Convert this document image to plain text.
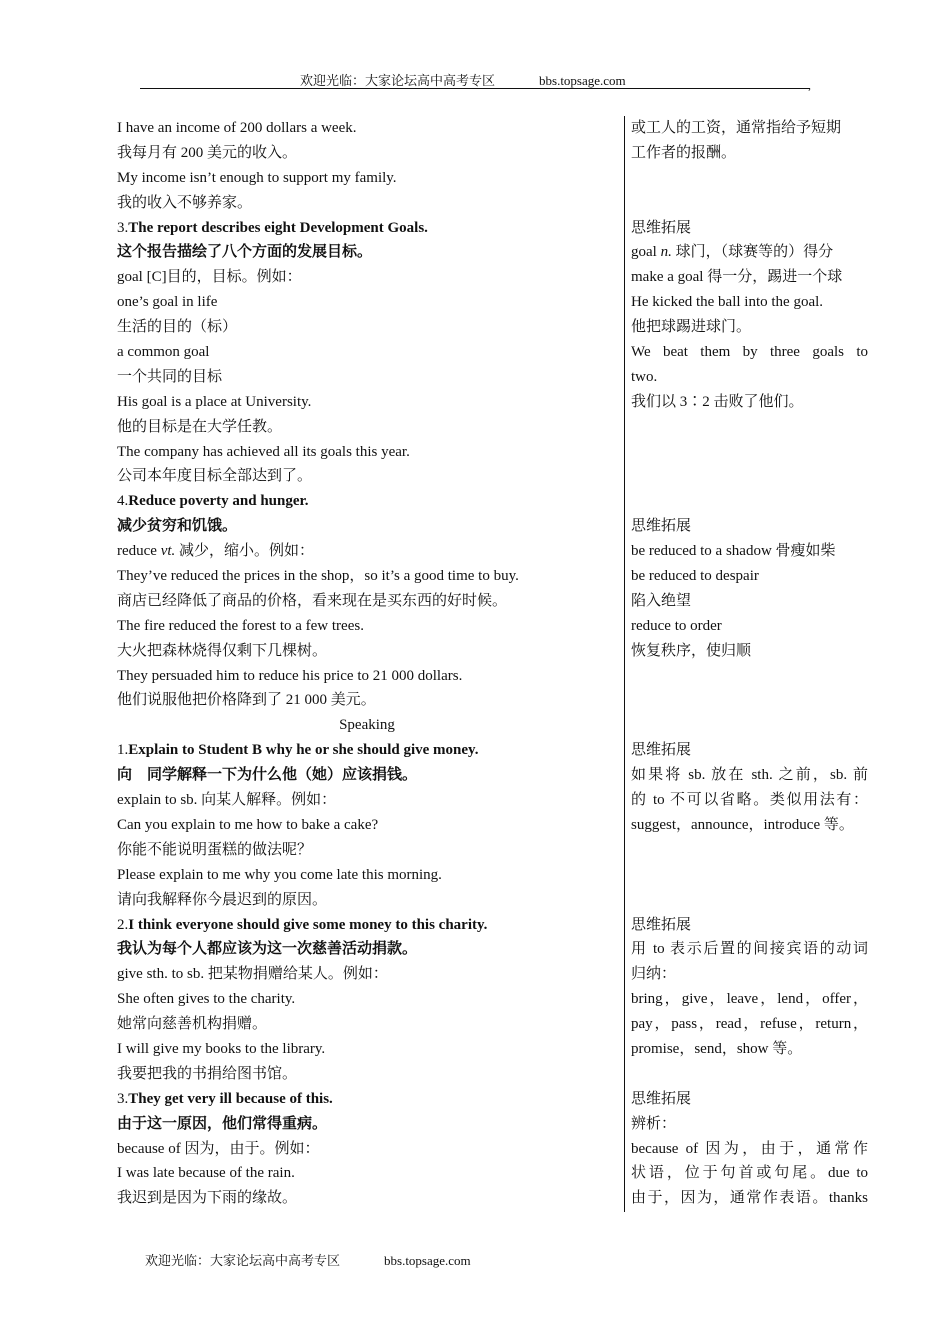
欢迎光临：大家论坛高中高考专区	bbs.topsage.com	,
I have an income of 200 dollars a week.
我每月有 200 美元的收入。
My income isn’t enough to support my family.
我的收入不够养家。
3.The report describes eight Development Goals.
这个报告描绘了八个方面的发展目标。
goal [C]目的，目标。例如：
one’s goal in life
生活的目的（标）
a common goal
一个共同的目标
His goal is a place at University.
他的目标是在大学任教。
The company has achieved all its goals this year.
公司本年度目标全部达到了。
4.Reduce poverty and hunger.
减少贫穷和饥饿。
reduce vt. 减少，缩小。例如：
They’ve reduced the prices in the shop，so it’s a good time to buy.
商店已经降低了商品的价格，看来现在是买东西的好时候。
The fire reduced the forest to a few trees.
大火把森林烧得仅剩下几棵树。
They persuaded him to reduce his price to 21 000 dollars.
他们说服他把价格降到了 21 000 美元。
Speaking
1.Explain to Student B why he or she should give money.
向　同学解释一下为什么他（她）应该捐钱。
explain to sb. 向某人解释。例如：
Can you explain to me how to bake a cake?
你能不能说明蛋糕的做法呢？
Please explain to me why you come late this morning.
请向我解释你今晨迟到的原因。
2.I think everyone should give some money to this charity.
我认为每个人都应该为这一次慈善活动捐款。
give sth. to sb. 把某物捐赠给某人。例如：
She often gives to the charity.
她常向慈善机构捐赠。
I will give my books to the library.
我要把我的书捐给图书馆。
3.They get very ill because of this.
由于这一原因，他们常得重病。
because of 因为，由于。例如：
I was late because of the rain.
我迟到是因为下雨的缘故。
或工人的工资，通常指给予短期
工作者的报酬。
思维拓展
goal n. 球门，（球赛等的）得分
make a goal 得一分，踢进一个球
He kicked the ball into the goal.
他把球踢进球门。
We beat them by three goals to
two.
我们以 3∶2 击败了他们。
思维拓展
be reduced to a shadow 骨瘦如柴
be reduced to despair
陷入绝望
reduce to order
恢复秩序，使归顺
思维拓展
如果将 sb. 放在 sth. 之前，sb. 前
的 to 不可以省略。类似用法有：
suggest，announce，introduce 等。
思维拓展
用 to 表示后置的间接宾语的动词
归纳：
bring，give，leave，lend，offer，
pay，pass，read，refuse，return，
promise，send，show 等。
思维拓展
辨析：
because of 因为，由于，通常作
状语，位于句首或句尾。due to
由于，因为，通常作表语。thanks
欢迎光临：大家论坛高中高考专区	bbs.topsage.com
